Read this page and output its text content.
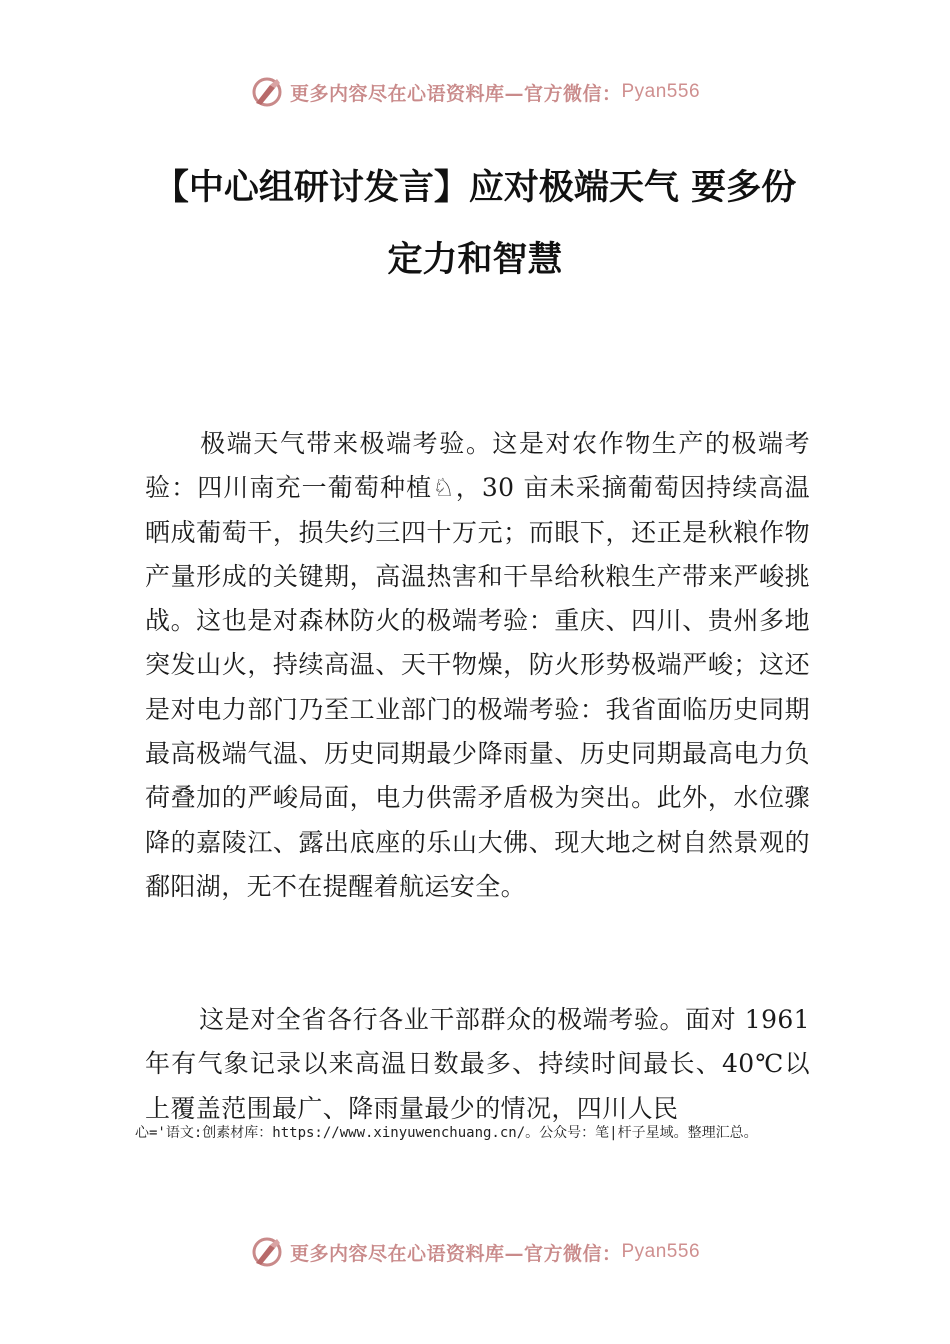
更多内容尽在心语资料库—官方微信： Pyan556
【中心组研讨发言】应对极端天气 要多份
定力和智慧

极端天气带来极端考验。这是对农作物生产的极端考验：四川南充一葡萄种植♘，30 亩未采摘葡萄因持续高温晒成葡萄干，损失约三四十万元；而眼下，还正是秋粮作物产量形成的关键期，高温热害和干旱给秋粮生产带来严峻挑战。这也是对森林防火的极端考验：重庆、四川、贵州多地突发山火，持续高温、天干物燥，防火形势极端严峻；这还是对电力部门乃至工业部门的极端考验：我省面临历史同期最高极端气温、历史同期最少降雨量、历史同期最高电力负荷叠加的严峻局面，电力供需矛盾极为突出。此外，水位骤降的嘉陵江、露出底座的乐山大佛、现大地之树自然景观的鄱阳湖，无不在提醒着航运安全。

这是对全省各行各业干部群众的极端考验。面对 1961 年有气象记录以来高温日数最多、持续时间最长、40℃以上覆盖范围最广、降雨量最少的情况，四川人民

心='语文:创素材库：https://www.xinyuwenchuang.cn/。公众号：笔|杆子星域。整理汇总。
更多内容尽在心语资料库—官方微信： Pyan556
